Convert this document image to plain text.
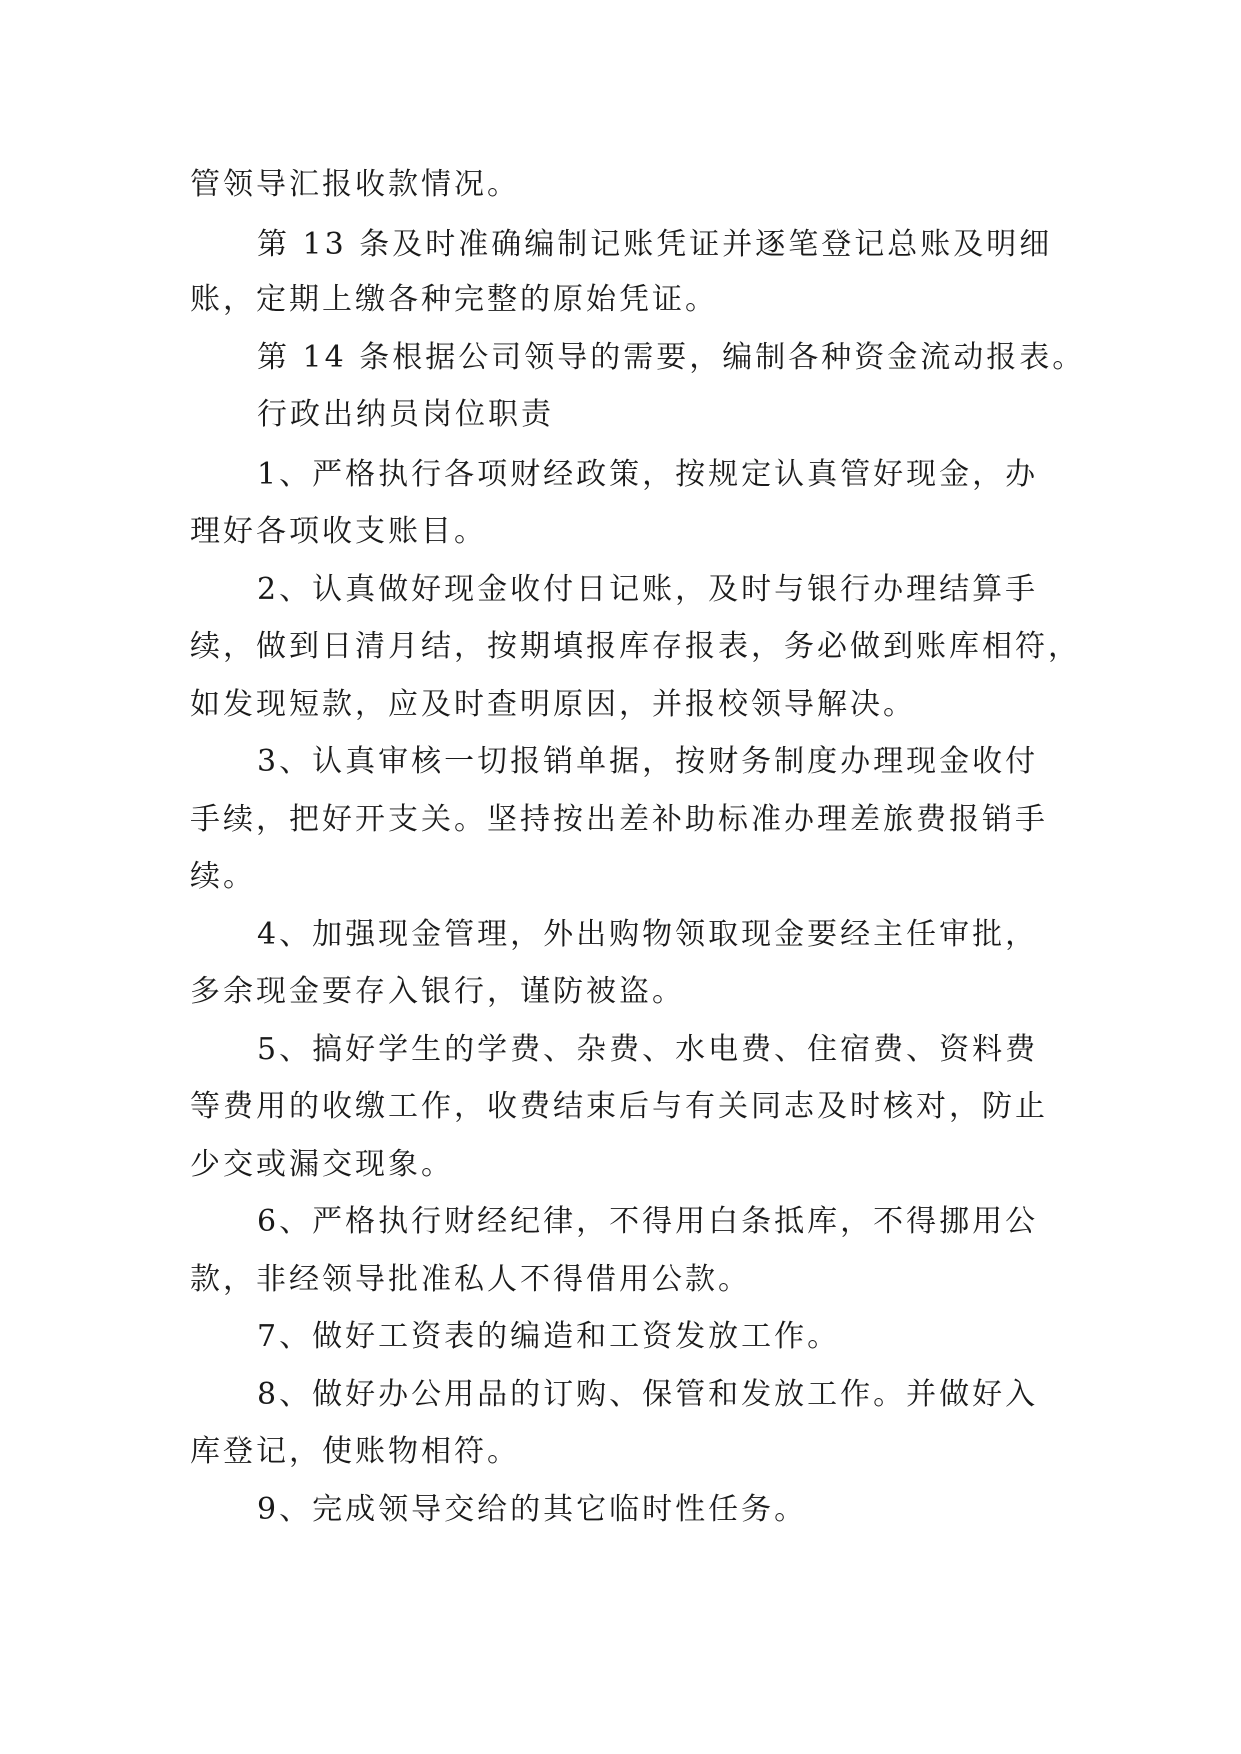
管领导汇报收款情况。
第 13 条及时准确编制记账凭证并逐笔登记总账及明细
账，定期上缴各种完整的原始凭证。
第 14 条根据公司领导的需要，编制各种资金流动报表。
行政出纳员岗位职责
1、严格执行各项财经政策，按规定认真管好现金，办
理好各项收支账目。
2、认真做好现金收付日记账，及时与银行办理结算手
续，做到日清月结，按期填报库存报表，务必做到账库相符，
如发现短款，应及时查明原因，并报校领导解决。
3、认真审核一切报销单据，按财务制度办理现金收付
手续，把好开支关。坚持按出差补助标准办理差旅费报销手
续。
4、加强现金管理，外出购物领取现金要经主任审批，
多余现金要存入银行，谨防被盗。
5、搞好学生的学费、杂费、水电费、住宿费、资料费
等费用的收缴工作，收费结束后与有关同志及时核对，防止
少交或漏交现象。
6、严格执行财经纪律，不得用白条抵库，不得挪用公
款，非经领导批准私人不得借用公款。
7、做好工资表的编造和工资发放工作。
8、做好办公用品的订购、保管和发放工作。并做好入
库登记，使账物相符。
9、完成领导交给的其它临时性任务。
